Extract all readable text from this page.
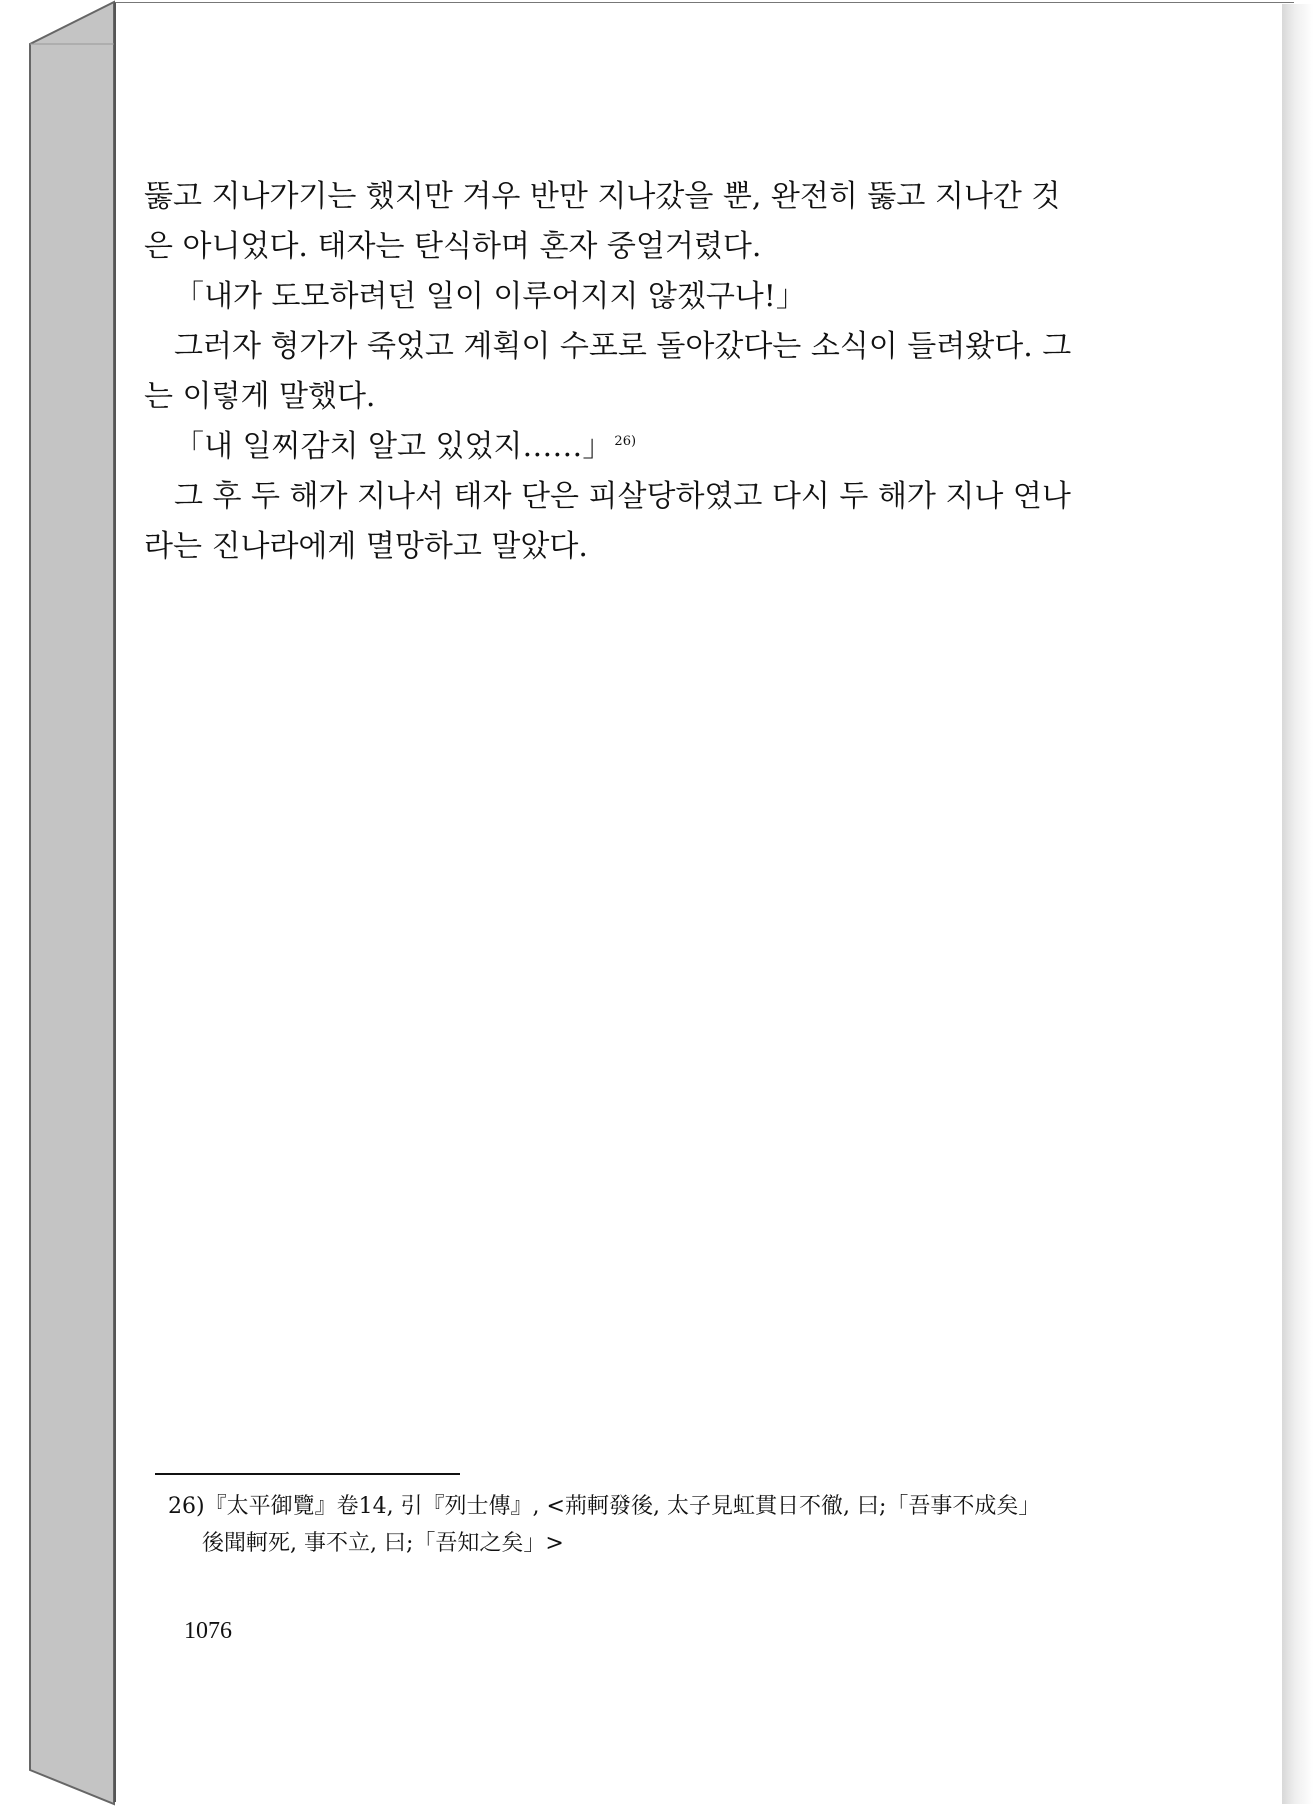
뚫고 지나가기는 했지만 겨우 반만 지나갔을 뿐, 완전히 뚫고 지나간 것
은 아니었다. 태자는 탄식하며 혼자 중얼거렸다.
「내가 도모하려던 일이 이루어지지 않겠구나!」
그러자 형가가 죽었고 계획이 수포로 돌아갔다는 소식이 들려왔다. 그
는 이렇게 말했다.
「내 일찌감치 알고 있었지……」 $^{26)}$
그 후 두 해가 지나서 태자 단은 피살당하였고 다시 두 해가 지나 연나
라는 진나라에게 멸망하고 말았다.
26)『太平御覽』卷14, 引『列士傳』, <荊軻發後, 太子見虹貫日不徹, 曰;「吾事不成矣」
後聞軻死, 事不立, 曰;「吾知之矣」>
1076
